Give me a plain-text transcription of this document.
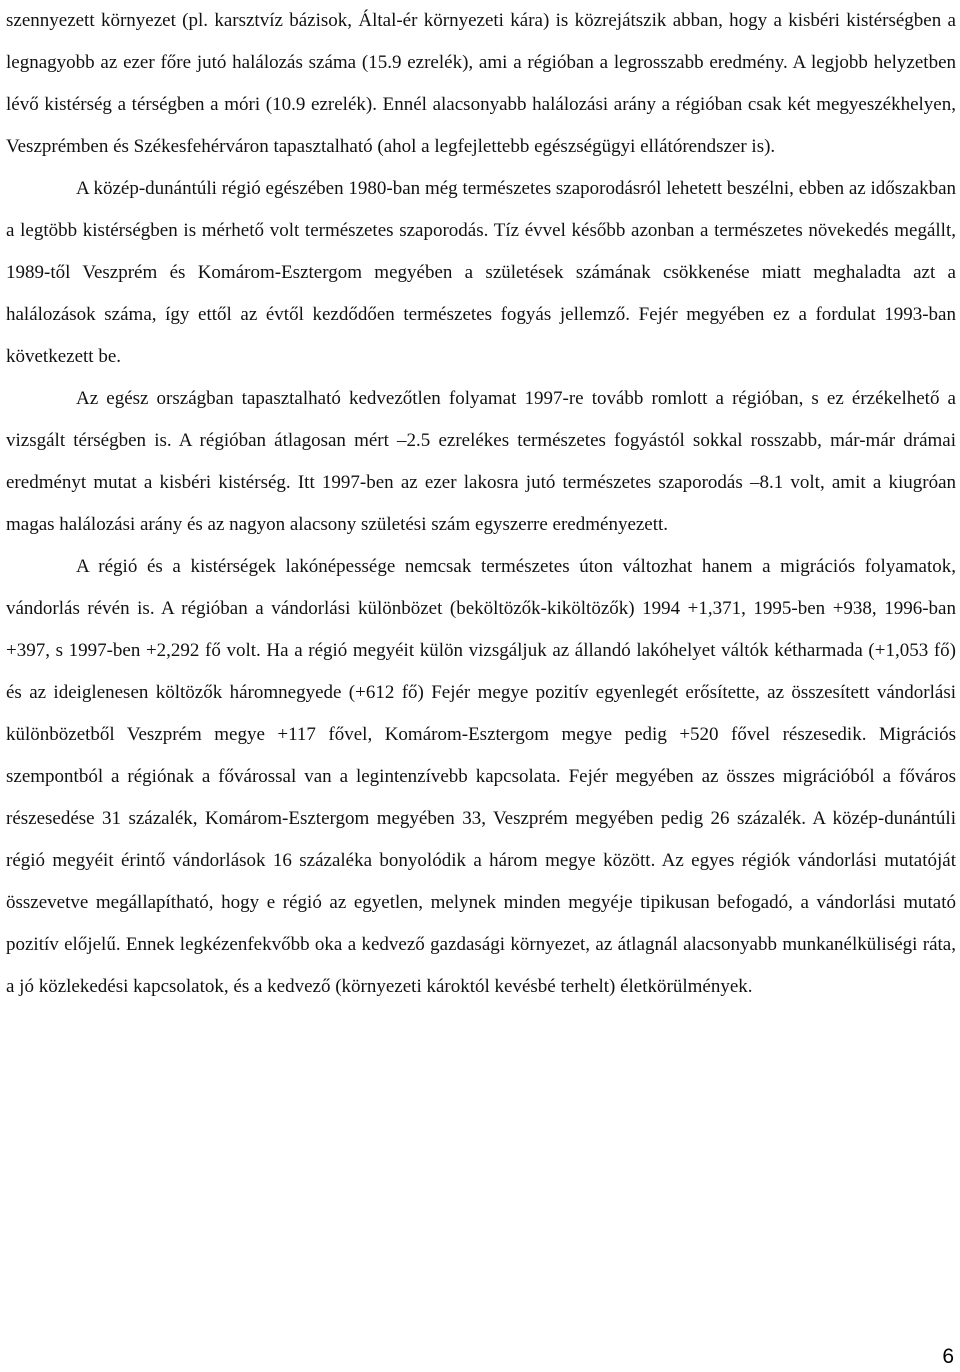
szennyezett környezet (pl. karsztvíz bázisok, Által-ér környezeti kára) is közrejátszik abban, hogy a kisbéri kistérségben a legnagyobb az ezer főre jutó halálozás száma (15.9 ezrelék), ami a régióban a legrosszabb eredmény. A legjobb helyzetben lévő kistérség a térségben a móri (10.9 ezrelék). Ennél alacsonyabb halálozási arány a régióban csak két megyeszékhelyen, Veszprémben és Székesfehérváron tapasztalható (ahol a legfejlettebb egészségügyi ellátórendszer is).

A közép-dunántúli régió egészében 1980-ban még természetes szaporodásról lehetett beszélni, ebben az időszakban a legtöbb kistérségben is mérhető volt természetes szaporodás. Tíz évvel később azonban a természetes növekedés megállt, 1989-től Veszprém és Komárom-Esztergom megyében a születések számának csökkenése miatt meghaladta azt a halálozások száma, így ettől az évtől kezdődően természetes fogyás jellemző. Fejér megyében ez a fordulat 1993-ban következett be.

Az egész országban tapasztalható kedvezőtlen folyamat 1997-re tovább romlott a régióban, s ez érzékelhető a vizsgált térségben is. A régióban átlagosan mért –2.5 ezrelékes természetes fogyástól sokkal rosszabb, már-már drámai eredményt mutat a kisbéri kistérség. Itt 1997-ben az ezer lakosra jutó természetes szaporodás –8.1 volt, amit a kiugróan magas halálozási arány és az nagyon alacsony születési szám egyszerre eredményezett.

A régió és a kistérségek lakónépessége nemcsak természetes úton változhat hanem a migrációs folyamatok, vándorlás révén is. A régióban a vándorlási különbözet (beköltözők-kiköltözők) 1994 +1,371, 1995-ben +938, 1996-ban +397, s 1997-ben +2,292 fő volt. Ha a régió megyéit külön vizsgáljuk az állandó lakóhelyet váltók kétharmada (+1,053 fő) és az ideiglenesen költözők háromnegyede (+612 fő) Fejér megye pozitív egyenlegét erősítette, az összesített vándorlási különbözetből Veszprém megye +117 fővel, Komárom-Esztergom megye pedig +520 fővel részesedik. Migrációs szempontból a régiónak a fővárossal van a legintenzívebb kapcsolata. Fejér megyében az összes migrációból a főváros részesedése 31 százalék, Komárom-Esztergom megyében 33, Veszprém megyében pedig 26 százalék. A közép-dunántúli régió megyéit érintő vándorlások 16 százaléka bonyolódik a három megye között. Az egyes régiók vándorlási mutatóját összevetve megállapítható, hogy e régió az egyetlen, melynek minden megyéje tipikusan befogadó, a vándorlási mutató pozitív előjelű. Ennek legkézenfekvőbb oka a kedvező gazdasági környezet, az átlagnál alacsonyabb munkanélküliségi ráta, a jó közlekedési kapcsolatok, és a kedvező (környezeti károktól kevésbé terhelt) életkörülmények.

6
